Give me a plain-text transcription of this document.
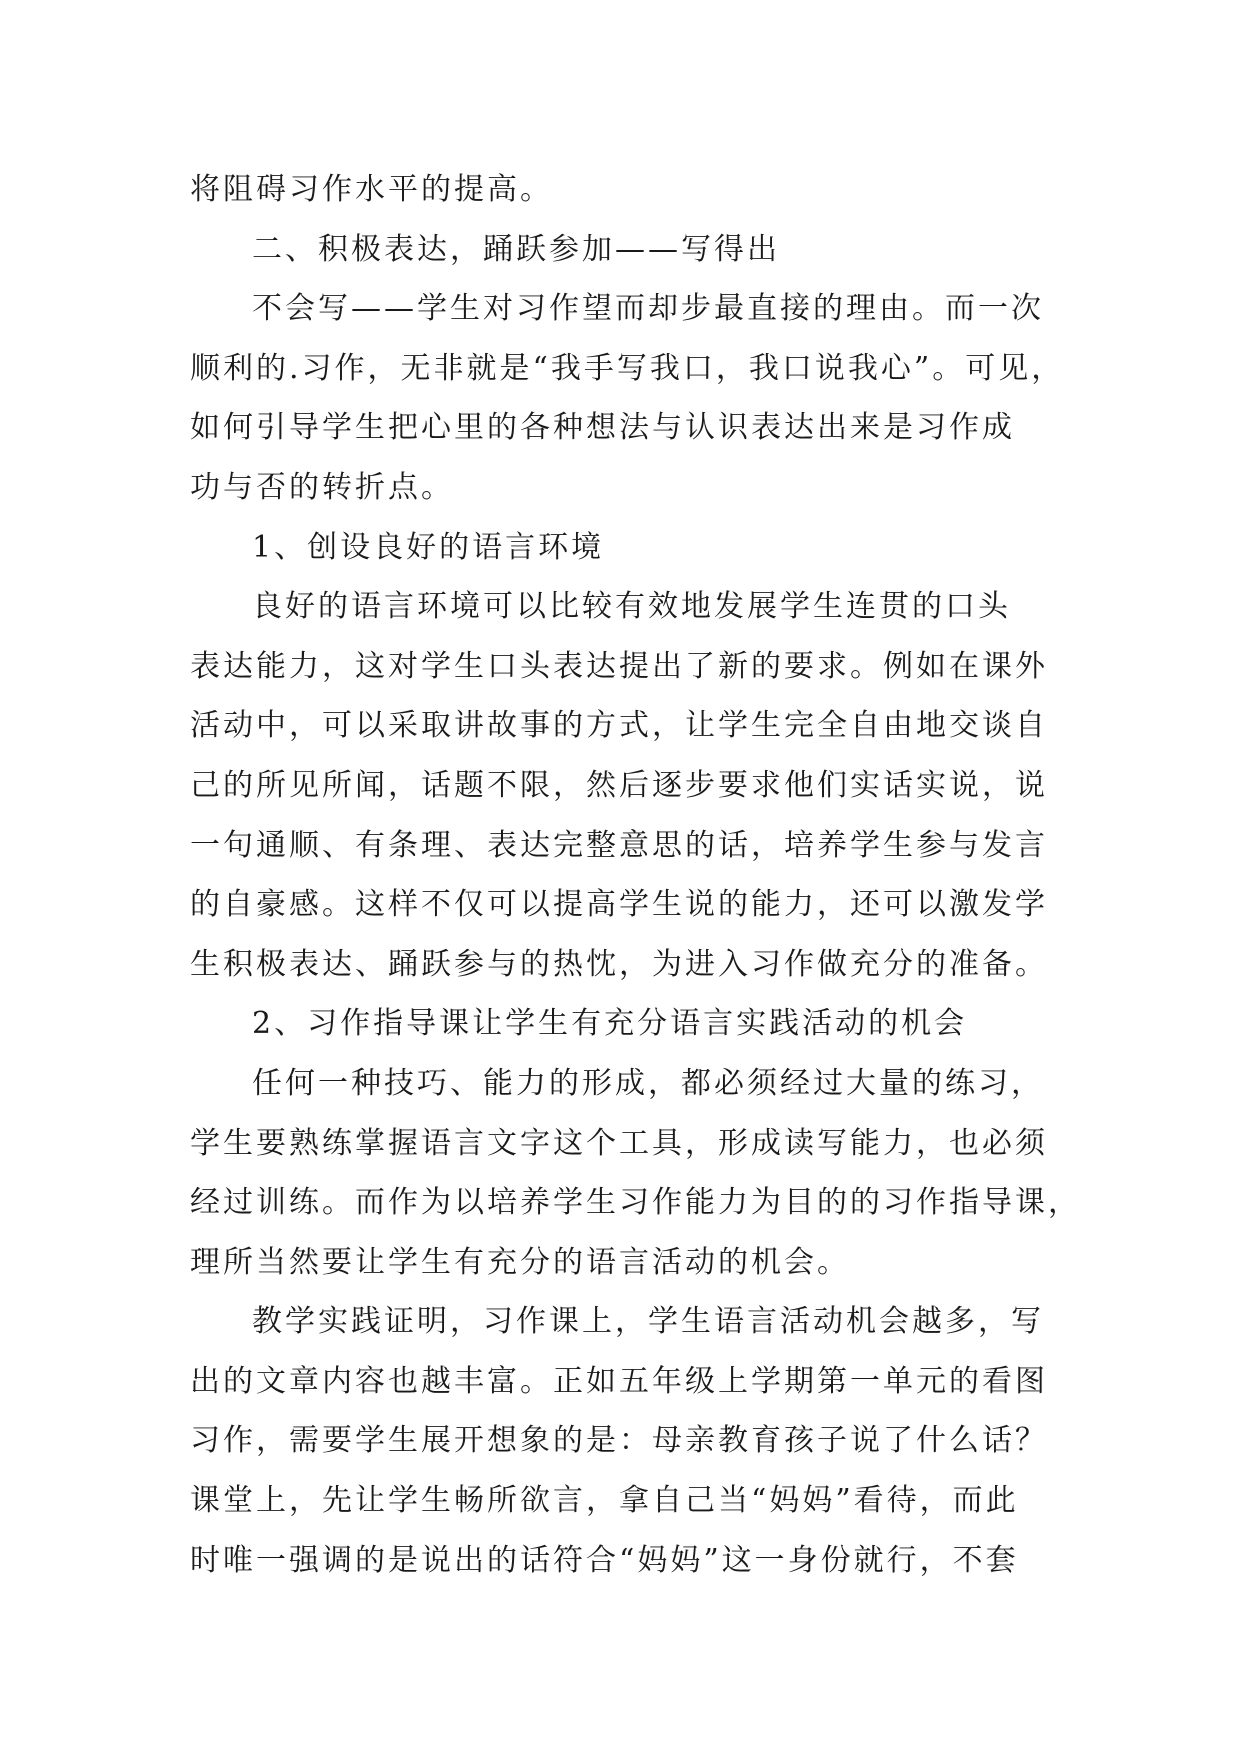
将阻碍习作水平的提高。
二、积极表达，踊跃参加——写得出
不会写——学生对习作望而却步最直接的理由。而一次
顺利的.习作，无非就是“我手写我口，我口说我心”。可见，
如何引导学生把心里的各种想法与认识表达出来是习作成
功与否的转折点。
1、创设良好的语言环境
良好的语言环境可以比较有效地发展学生连贯的口头
表达能力，这对学生口头表达提出了新的要求。例如在课外
活动中，可以采取讲故事的方式，让学生完全自由地交谈自
己的所见所闻，话题不限，然后逐步要求他们实话实说，说
一句通顺、有条理、表达完整意思的话，培养学生参与发言
的自豪感。这样不仅可以提高学生说的能力，还可以激发学
生积极表达、踊跃参与的热忱，为进入习作做充分的准备。
2、习作指导课让学生有充分语言实践活动的机会
任何一种技巧、能力的形成，都必须经过大量的练习，
学生要熟练掌握语言文字这个工具，形成读写能力，也必须
经过训练。而作为以培养学生习作能力为目的的习作指导课，
理所当然要让学生有充分的语言活动的机会。
教学实践证明，习作课上，学生语言活动机会越多，写
出的文章内容也越丰富。正如五年级上学期第一单元的看图
习作，需要学生展开想象的是：母亲教育孩子说了什么话？
课堂上，先让学生畅所欲言，拿自己当“妈妈”看待，而此
时唯一强调的是说出的话符合“妈妈”这一身份就行，不套
